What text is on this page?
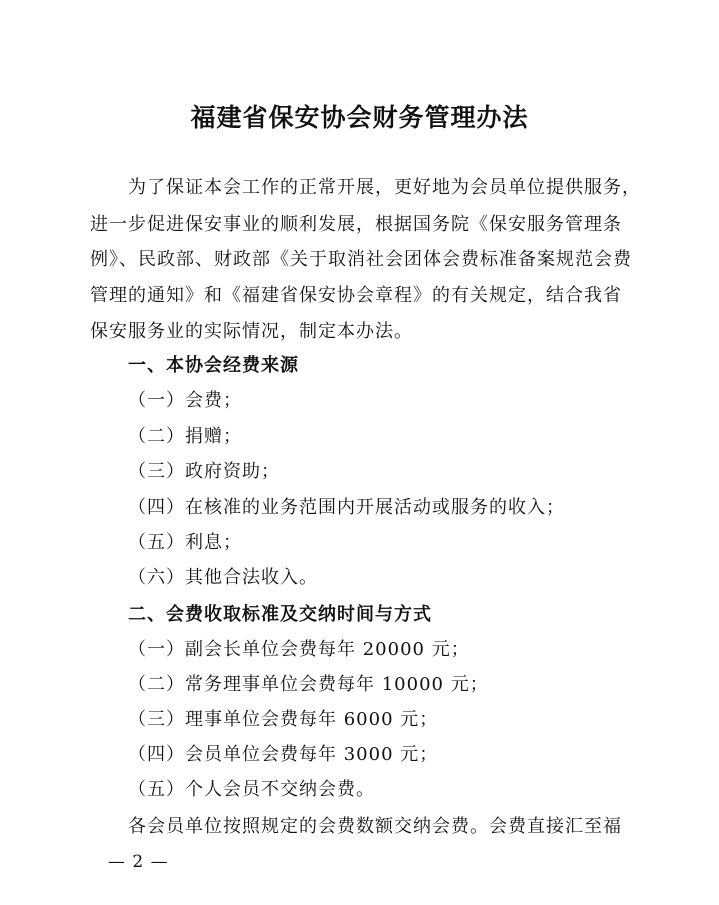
福建省保安协会财务管理办法
为了保证本会工作的正常开展，更好地为会员单位提供服务，
进一步促进保安事业的顺利发展，根据国务院《保安服务管理条
例》、民政部、财政部《关于取消社会团体会费标准备案规范会费
管理的通知》和《福建省保安协会章程》的有关规定，结合我省
保安服务业的实际情况，制定本办法。
一、本协会经费来源
（一）会费；
（二）捐赠；
（三）政府资助；
（四）在核准的业务范围内开展活动或服务的收入；
（五）利息；
（六）其他合法收入。
二、会费收取标准及交纳时间与方式
（一）副会长单位会费每年 20000 元；
（二）常务理事单位会费每年 10000 元；
（三）理事单位会费每年 6000 元；
（四）会员单位会费每年 3000 元；
（五）个人会员不交纳会费。
各会员单位按照规定的会费数额交纳会费。会费直接汇至福
— 2 —
